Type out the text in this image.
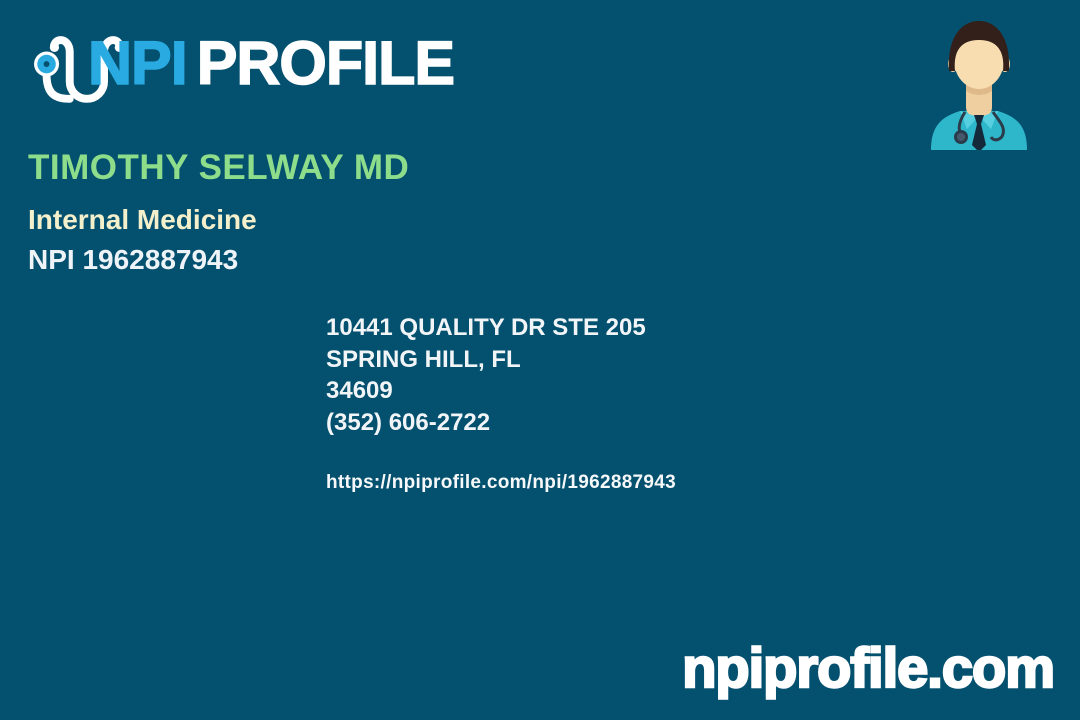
NPI PROFILE
TIMOTHY SELWAY MD
Internal Medicine
NPI 1962887943
10441 QUALITY DR STE 205
SPRING HILL, FL
34609
(352) 606-2722
https://npiprofile.com/npi/1962887943
npiprofile.com
